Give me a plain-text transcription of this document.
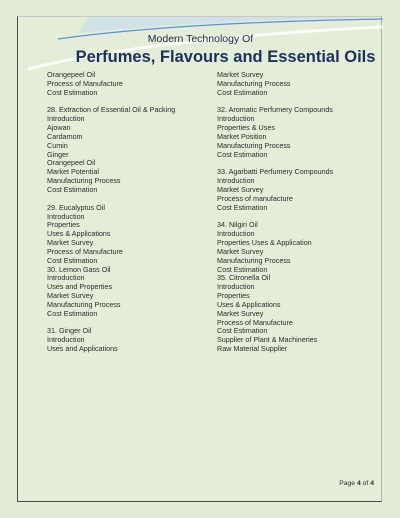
Modern Technology Of
Perfumes, Flavours and Essential Oils
Orangepeel Oil
Process of Manufacture
Cost Estimation
28. Extraction of Essential Oil & Packing
Introduction
Ajowan
Cardamom
Cumin
Ginger
Orangepeel Oil
Market Potential
Manufacturing Process
Cost Estimation
29. Eucalyptus Oil
Introduction
Properties
Uses & Applications
Market Survey
Process of Manufacture
Cost Estimation
30. Lemon Gass Oil
Introduction
Uses and Properties
Market Survey
Manufacturing Process
Cost Estimation
31. Ginger Oil
Introduction
Uses and Applications
Market Survey
Manufacturing Process
Cost Estimation
32. Aromatic Perfumery Compounds
Introduction
Properties & Uses
Market Position
Manufacturing Process
Cost Estimation
33. Agarbatti Perfumery Compounds
Introduction
Market Survey
Process of manufacture
Cost Estimation
34. Nilgiri Oil
Introduction
Properties Uses & Application
Market Survey
Manufacturing Process
Cost Estimation
35. Citronella Oil
Introduction
Properties
Uses & Applications
Market Survey
Process of Manufacture
Cost Estimation
Supplier of Plant & Machineries
Raw Material Supplier
Page 4 of 4
